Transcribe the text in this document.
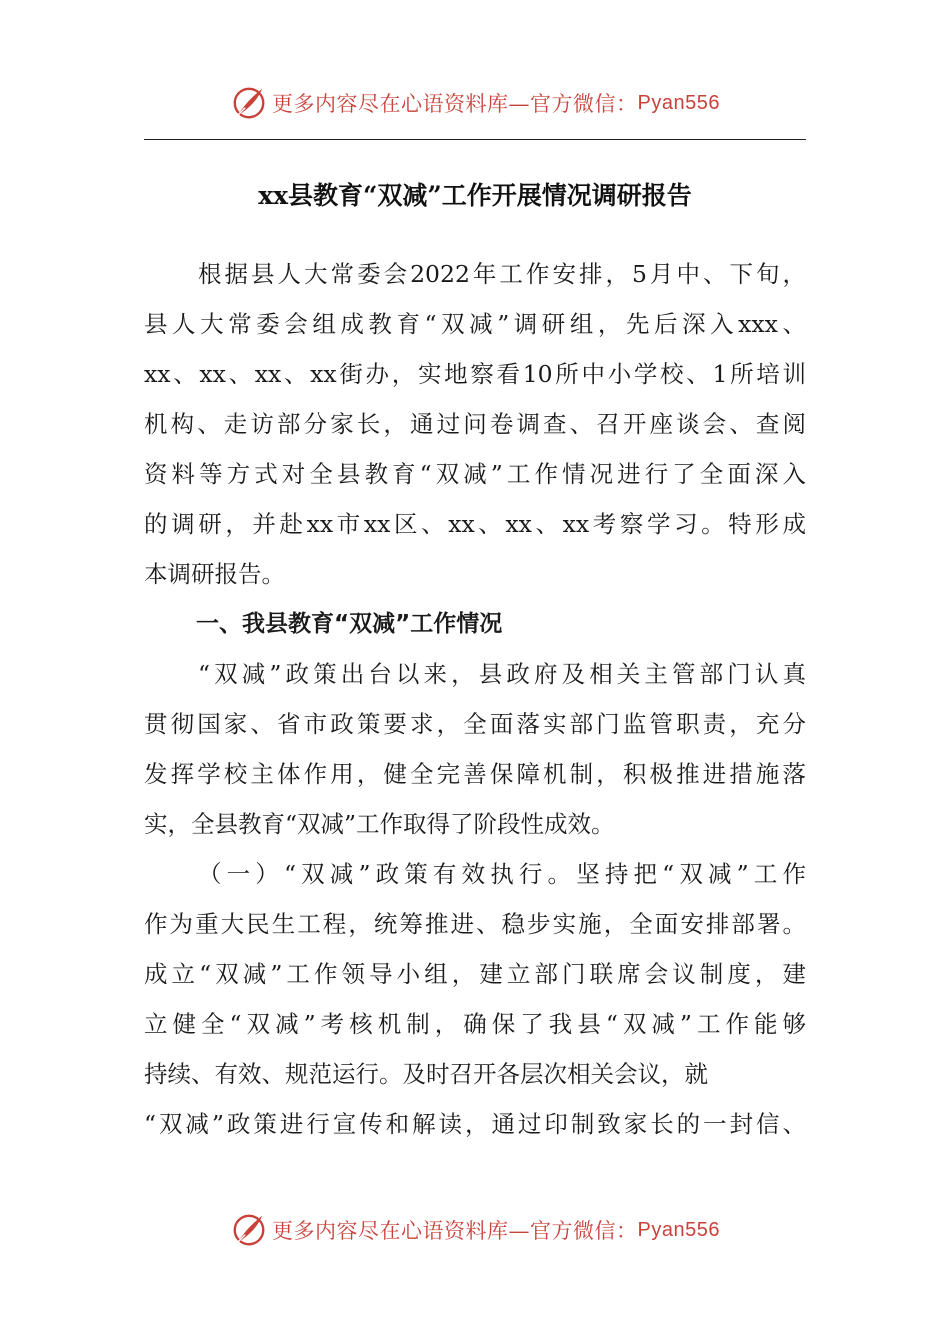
更多内容尽在心语资料库—官方微信： Pyan556
xx县教育“双减”工作开展情况调研报告
根据县人大常委会2022年工作安排，5月中、下旬，
县人大常委会组成教育“双减”调研组，先后深入xxx、
xx、xx、xx、xx街办，实地察看10所中小学校、1所培训
机构、走访部分家长，通过问卷调查、召开座谈会、查阅
资料等方式对全县教育“双减”工作情况进行了全面深入
的调研，并赴xx市xx区、xx、xx、xx考察学习。特形成
本调研报告。
一、我县教育“双减”工作情况
“双减”政策出台以来，县政府及相关主管部门认真
贯彻国家、省市政策要求，全面落实部门监管职责，充分
发挥学校主体作用，健全完善保障机制，积极推进措施落
实，全县教育“双减”工作取得了阶段性成效。
（一）“双减”政策有效执行。坚持把“双减”工作
作为重大民生工程，统筹推进、稳步实施，全面安排部署。
成立“双减”工作领导小组，建立部门联席会议制度，建
立健全“双减”考核机制，确保了我县“双减”工作能够
持续、有效、规范运行。及时召开各层次相关会议，就
“双减”政策进行宣传和解读，通过印制致家长的一封信、
更多内容尽在心语资料库—官方微信： Pyan556
